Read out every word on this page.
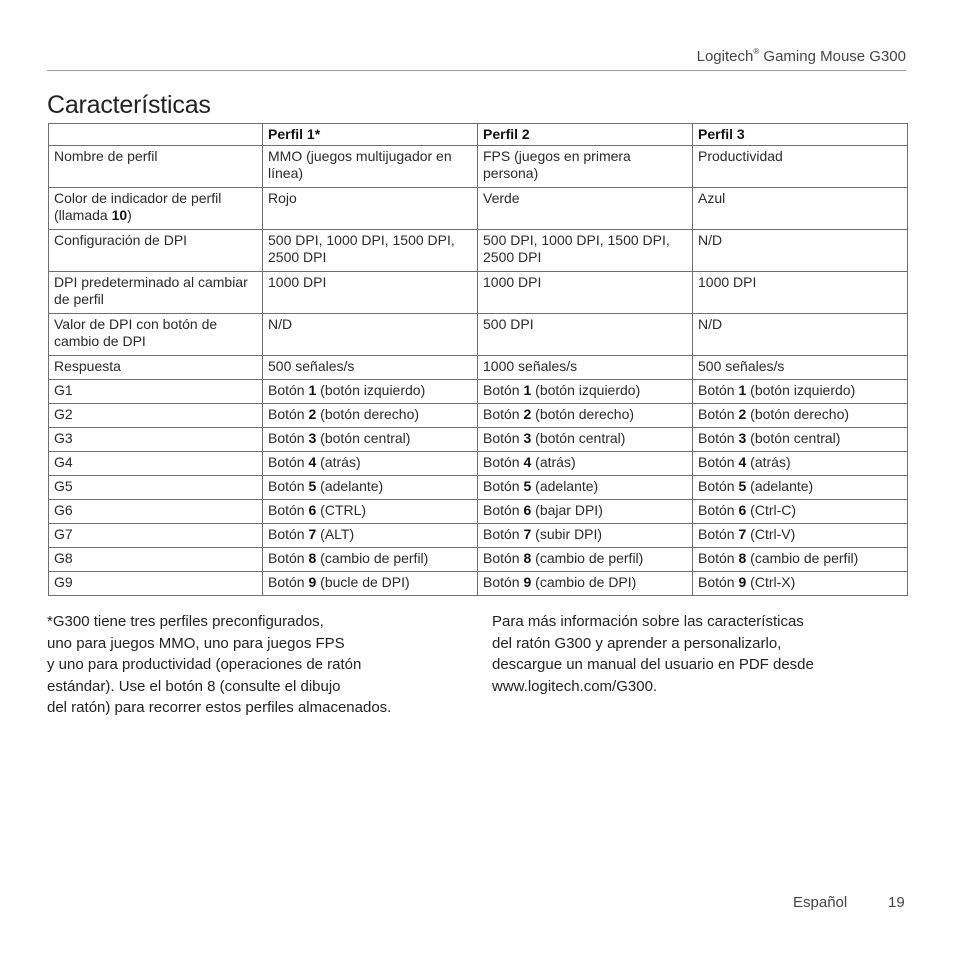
Logitech® Gaming Mouse G300
Características
	Perfil 1*	Perfil 2	Perfil 3
Nombre de perfil	MMO (juegos multijugador en línea)	FPS (juegos en primera persona)	Productividad
Color de indicador de perfil (llamada 10)	Rojo	Verde	Azul
Configuración de DPI	500 DPI, 1000 DPI, 1500 DPI, 2500 DPI	500 DPI, 1000 DPI, 1500 DPI, 2500 DPI	N/D
DPI predeterminado al cambiar de perfil	1000 DPI	1000 DPI	1000 DPI
Valor de DPI con botón de cambio de DPI	N/D	500 DPI	N/D
Respuesta	500 señales/s	1000 señales/s	500 señales/s
G1	Botón 1 (botón izquierdo)	Botón 1 (botón izquierdo)	Botón 1 (botón izquierdo)
G2	Botón 2 (botón derecho)	Botón 2 (botón derecho)	Botón 2 (botón derecho)
G3	Botón 3 (botón central)	Botón 3 (botón central)	Botón 3 (botón central)
G4	Botón 4 (atrás)	Botón 4 (atrás)	Botón 4 (atrás)
G5	Botón 5 (adelante)	Botón 5 (adelante)	Botón 5 (adelante)
G6	Botón 6 (CTRL)	Botón 6 (bajar DPI)	Botón 6 (Ctrl-C)
G7	Botón 7 (ALT)	Botón 7 (subir DPI)	Botón 7 (Ctrl-V)
G8	Botón 8 (cambio de perfil)	Botón 8 (cambio de perfil)	Botón 8 (cambio de perfil)
G9	Botón 9 (bucle de DPI)	Botón 9 (cambio de DPI)	Botón 9 (Ctrl-X)

*G300 tiene tres perfiles preconfigurados,
uno para juegos MMO, uno para juegos FPS
y uno para productividad (operaciones de ratón
estándar). Use el botón 8 (consulte el dibujo
del ratón) para recorrer estos perfiles almacenados.

Para más información sobre las características
del ratón G300 y aprender a personalizarlo,
descargue un manual del usuario en PDF desde
www.logitech.com/G300.

Español	19
